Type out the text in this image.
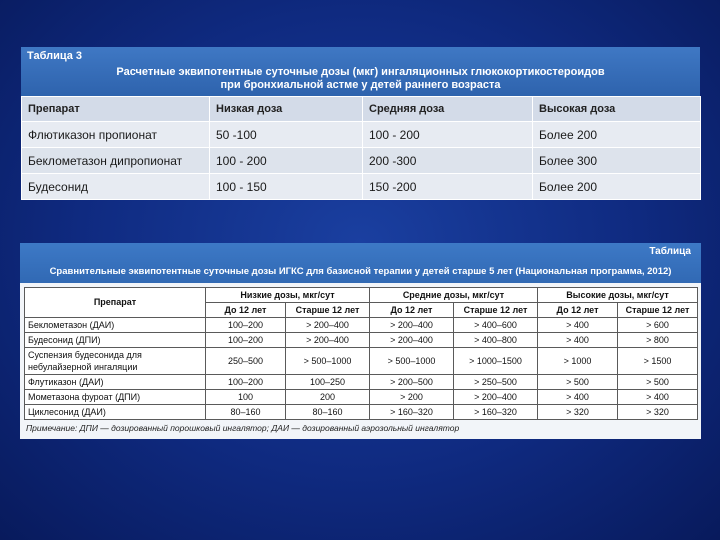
Таблица 3
Расчетные эквипотентные суточные дозы (мкг) ингаляционных глюкокортикостероидов
при бронхиальной астме у детей раннего возраста
Препарат	Низкая доза	Средняя доза	Высокая доза
Флютиказон пропионат	50 -100	100 - 200	Более 200
Беклометазон дипропионат	100 - 200	200 -300	Более 300
Будесонид	100 - 150	150 -200	Более 200
Таблица
Сравнительные эквипотентные суточные дозы ИГКС для базисной терапии у детей старше 5 лет (Национальная программа, 2012)
Препарат	Низкие дозы, мкг/сут		Средние дозы, мкг/сут		Высокие дозы, мкг/сут	
	До 12 лет	Старше 12 лет	До 12 лет	Старше 12 лет	До 12 лет	Старше 12 лет
Беклометазон (ДАИ)	100–200	> 200–400	> 200–400	> 400–600	> 400	> 600
Будесонид (ДПИ)	100–200	> 200–400	> 200–400	> 400–800	> 400	> 800
Суспензия будесонида для небулайзерной ингаляции	250–500	> 500–1000	> 500–1000	> 1000–1500	> 1000	> 1500
Флутиказон (ДАИ)	100–200	100–250	> 200–500	> 250–500	> 500	> 500
Мометазона фуроат (ДПИ)	100	200	> 200	> 200–400	> 400	> 400
Циклесонид (ДАИ)	80–160	80–160	> 160–320	> 160–320	> 320	> 320
Примечание: ДПИ — дозированный порошковый ингалятор; ДАИ — дозированный аэрозольный ингалятор
